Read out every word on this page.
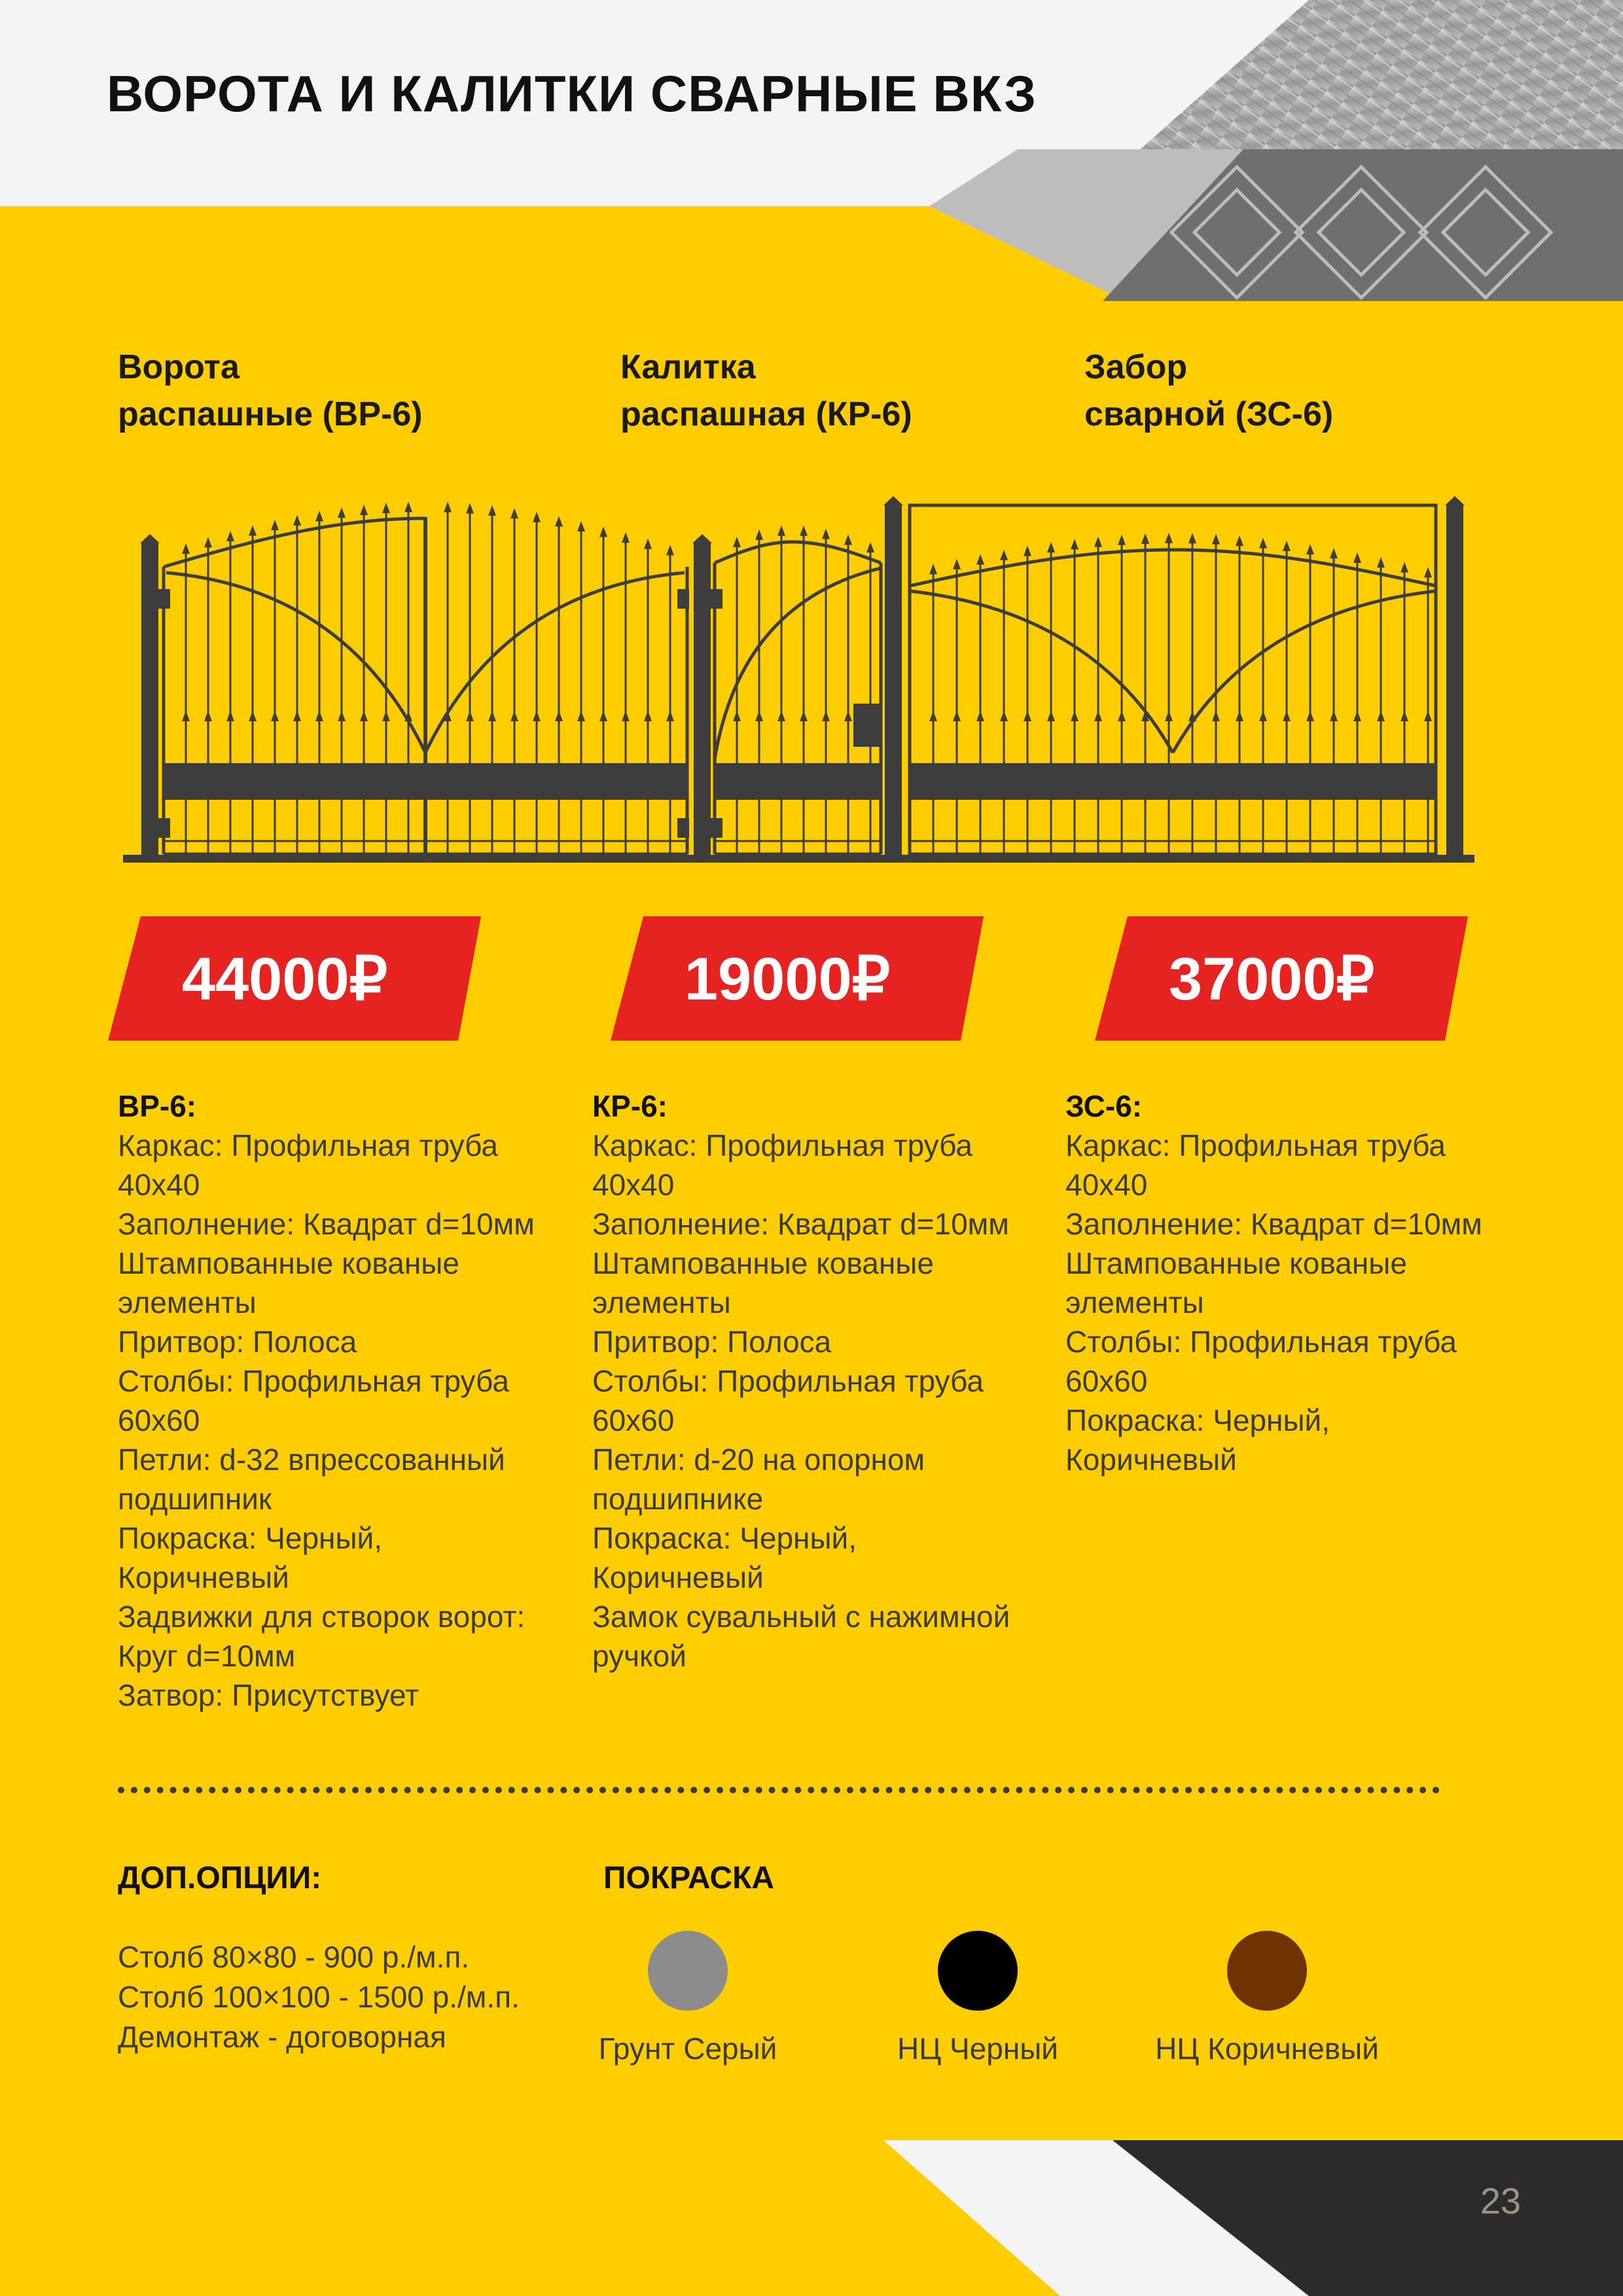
ВОРОТА И КАЛИТКИ СВАРНЫЕ ВКЗ
Ворота
распашные (ВР-6)
Калитка
распашная (КР-6)
Забор
сварной (ЗС-6)
44000₽	19000₽	37000₽
ВР-6:
Каркас: Профильная труба
40х40
Заполнение: Квадрат d=10мм
Штампованные кованые
элементы
Притвор: Полоса
Столбы: Профильная труба
60х60
Петли: d-32 впрессованный
подшипник
Покраска: Черный,
Коричневый
Задвижки для створок ворот:
Круг d=10мм
Затвор: Присутствует
КР-6:
Каркас: Профильная труба
40х40
Заполнение: Квадрат d=10мм
Штампованные кованые
элементы
Притвор: Полоса
Столбы: Профильная труба
60х60
Петли: d-20 на опорном
подшипнике
Покраска: Черный,
Коричневый
Замок сувальный с нажимной
ручкой
ЗС-6:
Каркас: Профильная труба
40х40
Заполнение: Квадрат d=10мм
Штампованные кованые
элементы
Столбы: Профильная труба
60х60
Покраска: Черный,
Коричневый
ДОП.ОПЦИИ:
Столб 80×80 - 900 р./м.п.
Столб 100×100 - 1500 р./м.п.
Демонтаж - договорная
ПОКРАСКА
Грунт Серый	НЦ Черный	НЦ Коричневый
23
